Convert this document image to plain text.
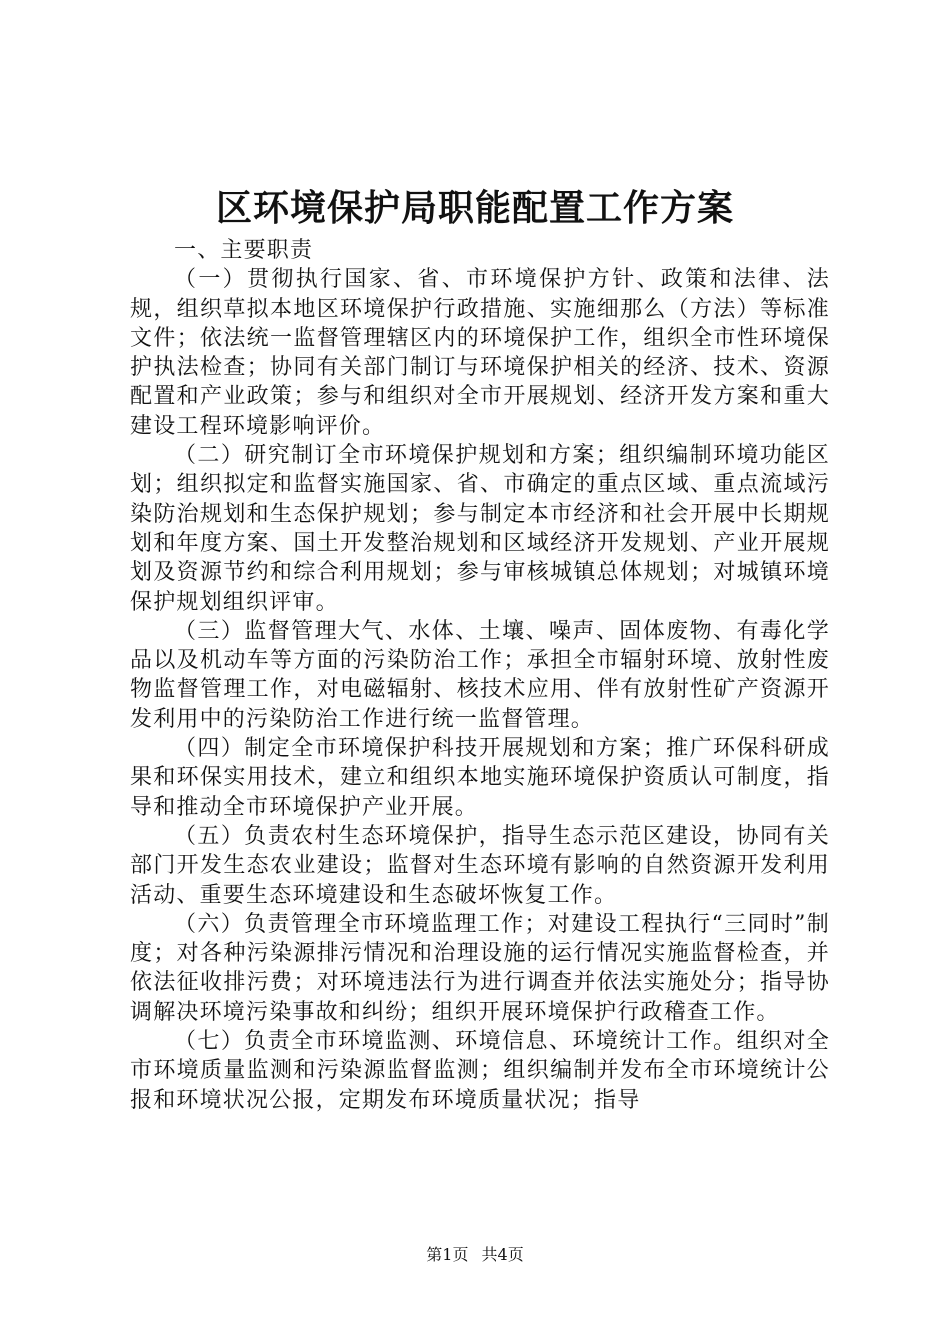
区环境保护局职能配置工作方案

一、主要职责

（一）贯彻执行国家、省、市环境保护方针、政策和法律、法规，组织草拟本地区环境保护行政措施、实施细那么（方法）等标准文件；依法统一监督管理辖区内的环境保护工作，组织全市性环境保护执法检查；协同有关部门制订与环境保护相关的经济、技术、资源配置和产业政策；参与和组织对全市开展规划、经济开发方案和重大建设工程环境影响评价。

（二）研究制订全市环境保护规划和方案；组织编制环境功能区划；组织拟定和监督实施国家、省、市确定的重点区域、重点流域污染防治规划和生态保护规划；参与制定本市经济和社会开展中长期规划和年度方案、国土开发整治规划和区域经济开发规划、产业开展规划及资源节约和综合利用规划；参与审核城镇总体规划；对城镇环境保护规划组织评审。

（三）监督管理大气、水体、土壤、噪声、固体废物、有毒化学品以及机动车等方面的污染防治工作；承担全市辐射环境、放射性废物监督管理工作，对电磁辐射、核技术应用、伴有放射性矿产资源开发利用中的污染防治工作进行统一监督管理。

（四）制定全市环境保护科技开展规划和方案；推广环保科研成果和环保实用技术，建立和组织本地实施环境保护资质认可制度，指导和推动全市环境保护产业开展。

（五）负责农村生态环境保护，指导生态示范区建设，协同有关部门开发生态农业建设；监督对生态环境有影响的自然资源开发利用活动、重要生态环境建设和生态破坏恢复工作。

（六）负责管理全市环境监理工作；对建设工程执行“三同时”制度；对各种污染源排污情况和治理设施的运行情况实施监督检查，并依法征收排污费；对环境违法行为进行调查并依法实施处分；指导协调解决环境污染事故和纠纷；组织开展环境保护行政稽查工作。

（七）负责全市环境监测、环境信息、环境统计工作。组织对全市环境质量监测和污染源监督监测；组织编制并发布全市环境统计公报和环境状况公报，定期发布环境质量状况；指导

第1页 共4页
